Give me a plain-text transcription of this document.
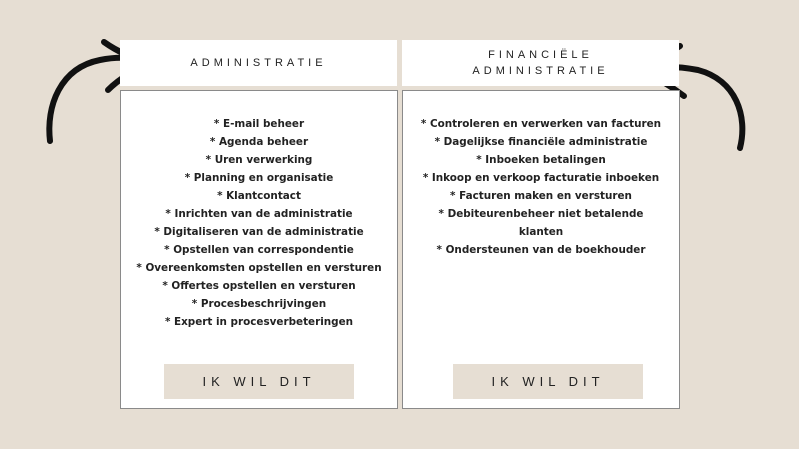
ADMINISTRATIE
FINANCIËLE
ADMINISTRATIE
* E-mail beheer
* Agenda beheer
* Uren verwerking
* Planning en organisatie
* Klantcontact
* Inrichten van de administratie
* Digitaliseren van de administratie
* Opstellen van correspondentie
* Overeenkomsten opstellen en versturen
* Offertes opstellen en versturen
* Procesbeschrijvingen
* Expert in procesverbeteringen
IK WIL DIT
* Controleren en verwerken van facturen
* Dagelijkse financiële administratie
* Inboeken betalingen
* Inkoop en verkoop facturatie inboeken
* Facturen maken en versturen
* Debiteurenbeheer niet betalende
klanten
* Ondersteunen van de boekhouder
IK WIL DIT
